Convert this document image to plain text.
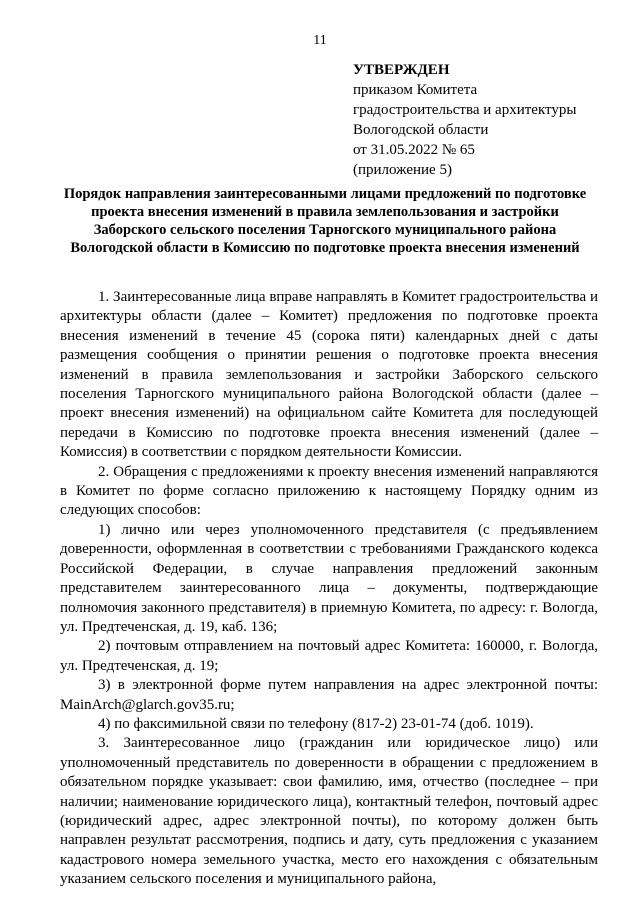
11
УТВЕРЖДЕН
приказом Комитета
градостроительства и архитектуры
Вологодской области
от 31.05.2022 № 65
(приложение 5)
Порядок направления заинтересованными лицами предложений по подготовке проекта внесения изменений в правила землепользования и застройки Заборского сельского поселения Тарногского муниципального района Вологодской области в Комиссию по подготовке проекта внесения изменений

1. Заинтересованные лица вправе направлять в Комитет градостроительства и архитектуры области (далее – Комитет) предложения по подготовке проекта внесения изменений в течение 45 (сорока пяти) календарных дней с даты размещения сообщения о принятии решения о подготовке проекта внесения изменений в правила землепользования и застройки Заборского сельского поселения Тарногского муниципального района Вологодской области (далее – проект внесения изменений) на официальном сайте Комитета для последующей передачи в Комиссию по подготовке проекта внесения изменений (далее – Комиссия) в соответствии с порядком деятельности Комиссии.

2. Обращения с предложениями к проекту внесения изменений направляются в Комитет по форме согласно приложению к настоящему Порядку одним из следующих способов:

1) лично или через уполномоченного представителя (с предъявлением доверенности, оформленная в соответствии с требованиями Гражданского кодекса Российской Федерации, в случае направления предложений законным представителем заинтересованного лица – документы, подтверждающие полномочия законного представителя) в приемную Комитета, по адресу: г. Вологда, ул. Предтеченская, д. 19, каб. 136;

2) почтовым отправлением на почтовый адрес Комитета: 160000, г. Вологда, ул. Предтеченская, д. 19;

3) в электронной форме путем направления на адрес электронной почты: MainArch@glarch.gov35.ru;

4) по факсимильной связи по телефону (817-2) 23-01-74 (доб. 1019).

3. Заинтересованное лицо (гражданин или юридическое лицо) или уполномоченный представитель по доверенности в обращении с предложением в обязательном порядке указывает: свои фамилию, имя, отчество (последнее – при наличии; наименование юридического лица), контактный телефон, почтовый адрес (юридический адрес, адрес электронной почты), по которому должен быть направлен результат рассмотрения, подпись и дату, суть предложения с указанием кадастрового номера земельного участка, место его нахождения с обязательным указанием сельского поселения и муниципального района,
